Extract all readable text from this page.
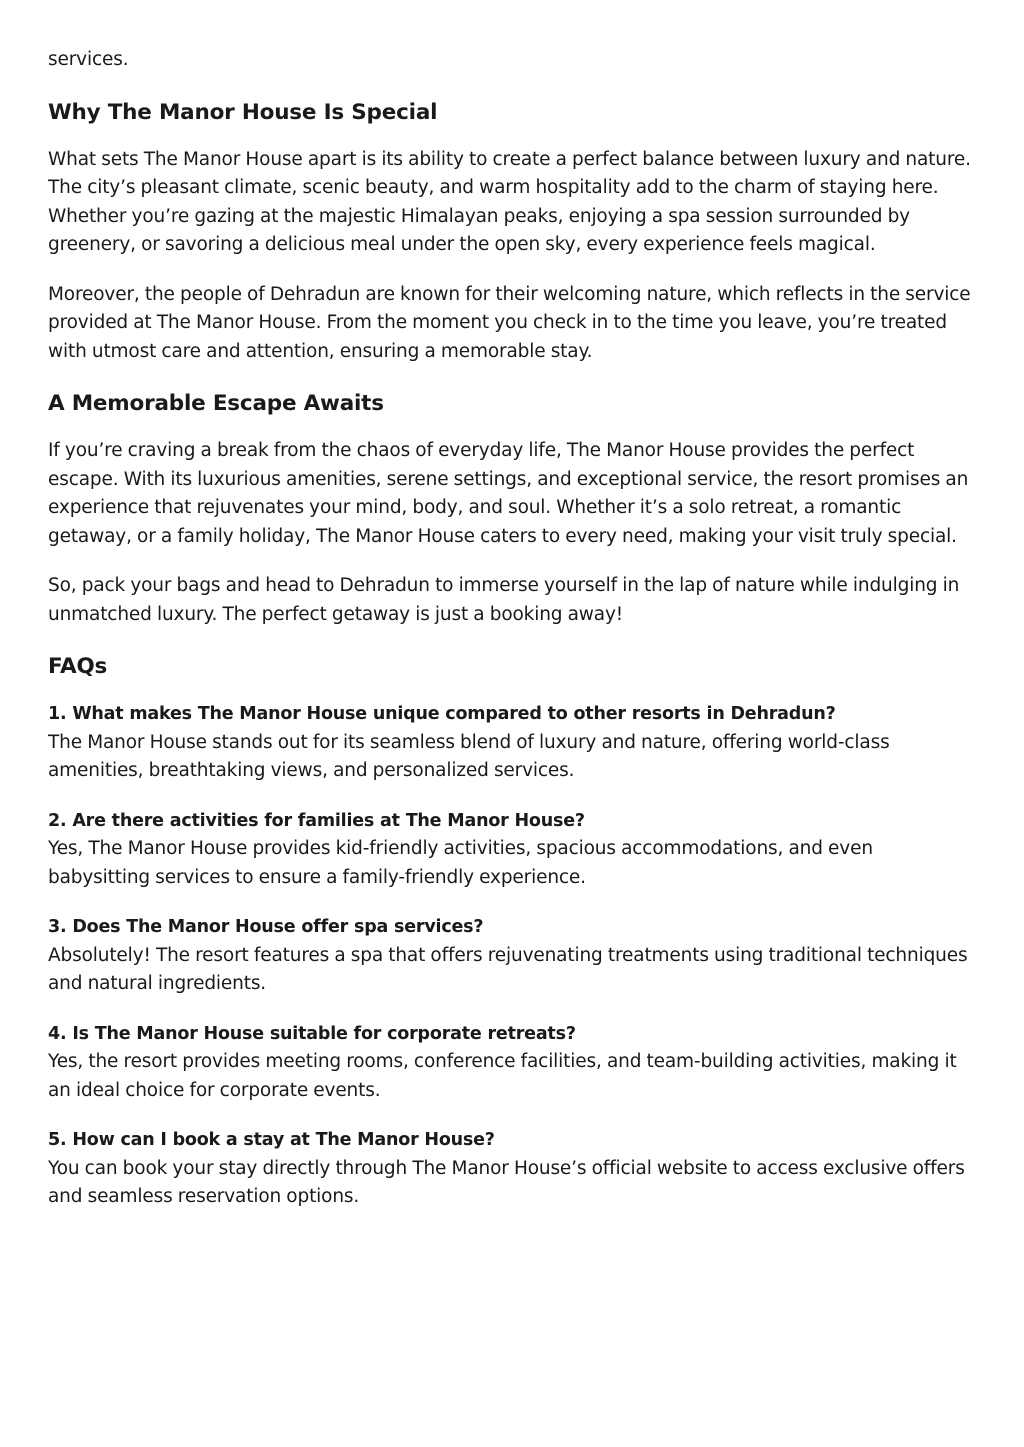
services.

Why The Manor House Is Special

What sets The Manor House apart is its ability to create a perfect balance between luxury and nature. The city’s pleasant climate, scenic beauty, and warm hospitality add to the charm of staying here. Whether you’re gazing at the majestic Himalayan peaks, enjoying a spa session surrounded by greenery, or savoring a delicious meal under the open sky, every experience feels magical.

Moreover, the people of Dehradun are known for their welcoming nature, which reflects in the service provided at The Manor House. From the moment you check in to the time you leave, you’re treated with utmost care and attention, ensuring a memorable stay.

A Memorable Escape Awaits

If you’re craving a break from the chaos of everyday life, The Manor House provides the perfect escape. With its luxurious amenities, serene settings, and exceptional service, the resort promises an experience that rejuvenates your mind, body, and soul. Whether it’s a solo retreat, a romantic getaway, or a family holiday, The Manor House caters to every need, making your visit truly special.

So, pack your bags and head to Dehradun to immerse yourself in the lap of nature while indulging in unmatched luxury. The perfect getaway is just a booking away!

FAQs
1. What makes The Manor House unique compared to other resorts in Dehradun?
The Manor House stands out for its seamless blend of luxury and nature, offering world-class amenities, breathtaking views, and personalized services.
2. Are there activities for families at The Manor House?
Yes, The Manor House provides kid-friendly activities, spacious accommodations, and even babysitting services to ensure a family-friendly experience.
3. Does The Manor House offer spa services?
Absolutely! The resort features a spa that offers rejuvenating treatments using traditional techniques and natural ingredients.
4. Is The Manor House suitable for corporate retreats?
Yes, the resort provides meeting rooms, conference facilities, and team-building activities, making it an ideal choice for corporate events.
5. How can I book a stay at The Manor House?
You can book your stay directly through The Manor House’s official website to access exclusive offers and seamless reservation options.
